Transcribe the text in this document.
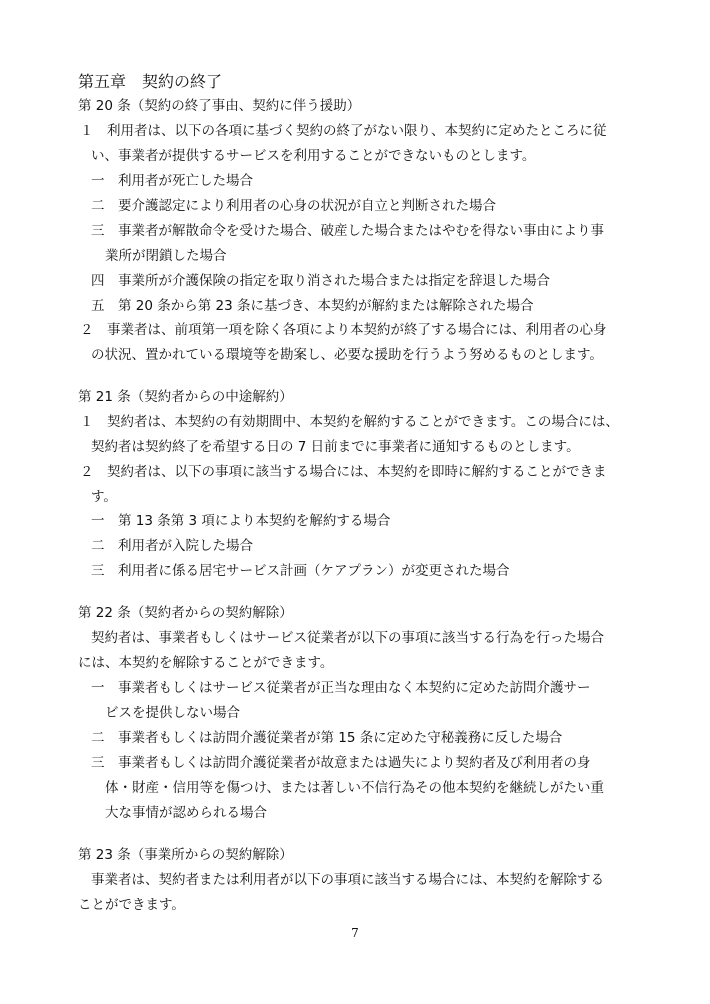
第五章　契約の終了
第 20 条（契約の終了事由、契約に伴う援助）
１　利用者は、以下の各項に基づく契約の終了がない限り、本契約に定めたところに従
い、事業者が提供するサービスを利用することができないものとします。
一　利用者が死亡した場合
二　要介護認定により利用者の心身の状況が自立と判断された場合
三　事業者が解散命令を受けた場合、破産した場合またはやむを得ない事由により事
業所が閉鎖した場合
四　事業所が介護保険の指定を取り消された場合または指定を辞退した場合
五　第 20 条から第 23 条に基づき、本契約が解約または解除された場合
２　事業者は、前項第一項を除く各項により本契約が終了する場合には、利用者の心身
の状況、置かれている環境等を勘案し、必要な援助を行うよう努めるものとします。
第 21 条（契約者からの中途解約）
１　契約者は、本契約の有効期間中、本契約を解約することができます。この場合には、
契約者は契約終了を希望する日の 7 日前までに事業者に通知するものとします。
２　契約者は、以下の事項に該当する場合には、本契約を即時に解約することができま
す。
一　第 13 条第 3 項により本契約を解約する場合
二　利用者が入院した場合
三　利用者に係る居宅サービス計画（ケアプラン）が変更された場合
第 22 条（契約者からの契約解除）
契約者は、事業者もしくはサービス従業者が以下の事項に該当する行為を行った場合
には、本契約を解除することができます。
一　事業者もしくはサービス従業者が正当な理由なく本契約に定めた訪問介護サー
ビスを提供しない場合
二　事業者もしくは訪問介護従業者が第 15 条に定めた守秘義務に反した場合
三　事業者もしくは訪問介護従業者が故意または過失により契約者及び利用者の身
体・財産・信用等を傷つけ、または著しい不信行為その他本契約を継続しがたい重
大な事情が認められる場合
第 23 条（事業所からの契約解除）
事業者は、契約者または利用者が以下の事項に該当する場合には、本契約を解除する
ことができます。
7
